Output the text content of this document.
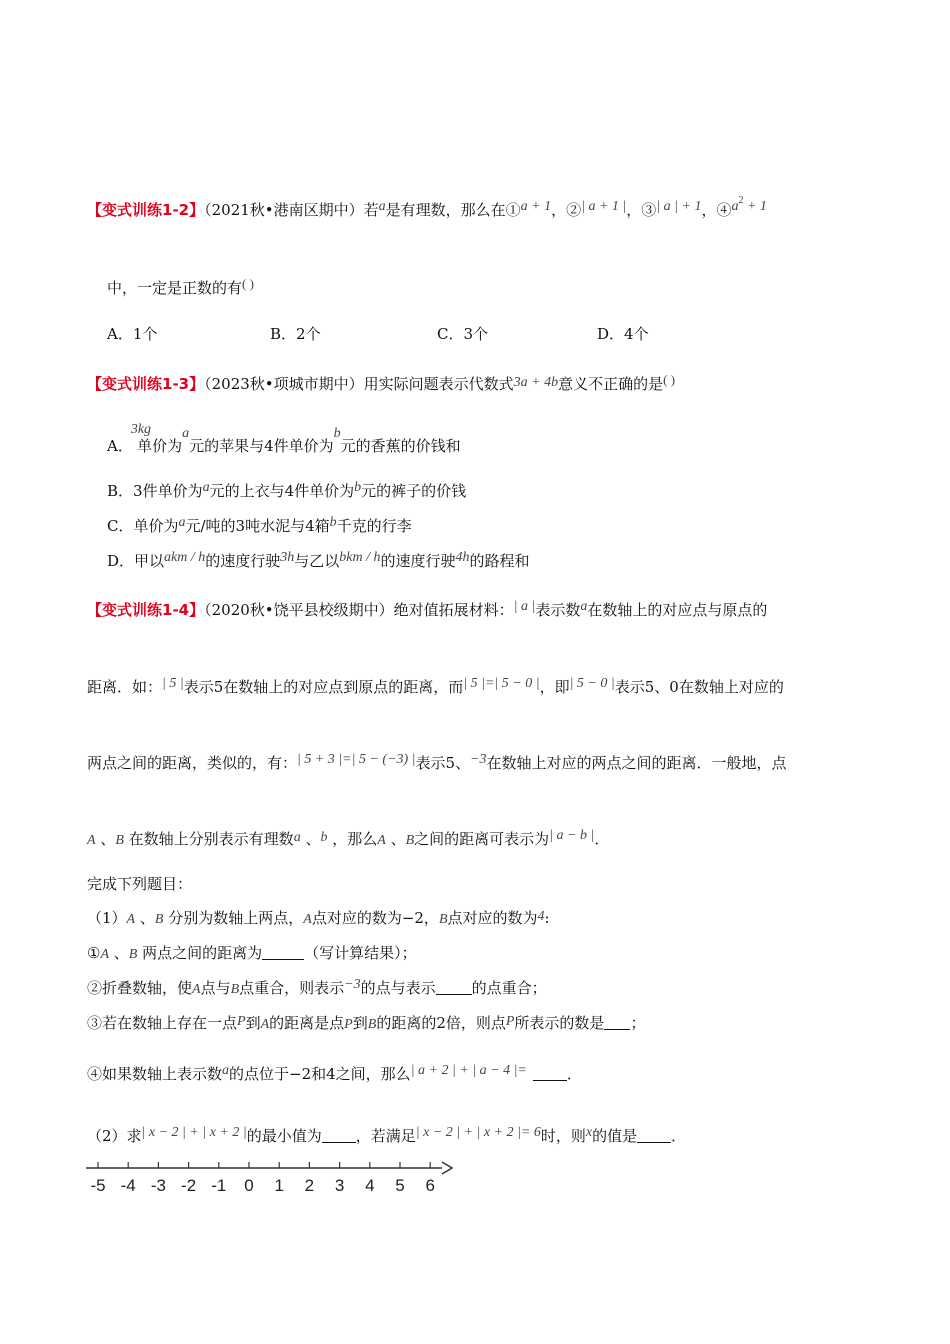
【变式训练1-2】（2021秋•港南区期中）若a是有理数，那么在①a + 1，②| a + 1 |，③| a | + 1，$④a^2 + 1$
中，一定是正数的有( )
A．1个	B．2个	C．3个	D．4个
【变式训练1-3】（2023秋•项城市期中）用实际问题表示代数式3a + 4b意义不正确的是( )
A．3kg单价为a元的苹果与4件单价为b元的香蕉的价钱和
B．3件单价为a元的上衣与4件单价为b元的裤子的价钱
C．单价为a元/吨的3吨水泥与4箱b千克的行李
D．甲以akm / h的速度行驶3h与乙以bkm / h的速度行驶4h的路程和
【变式训练1-4】（2020秋•饶平县校级期中）绝对值拓展材料：| a |表示数a在数轴上的对应点与原点的
距离．如：| 5 |表示5在数轴上的对应点到原点的距离，而| 5 |=| 5 − 0 |，即| 5 − 0 |表示5、0在数轴上对应的
两点之间的距离，类似的，有：| 5 + 3 |=| 5 − (−3) |表示5、−3在数轴上对应的两点之间的距离．一般地，点
A 、B 在数轴上分别表示有理数a 、b ，那么A 、B之间的距离可表示为| a − b |．
完成下列题目：
（1）A 、B 分别为数轴上两点，A点对应的数为−2，B点对应的数为4:
①A 、B 两点之间的距离为	（写计算结果）；
②折叠数轴，使A点与B点重合，则表示−3的点与表示 的点重合；
③若在数轴上存在一点P到A的距离是点P到B的距离的2倍，则点P所表示的数是 ；
④如果数轴上表示数a的点位于−2和4之间，那么| a + 2 | + | a − 4 |=	．
（2）求| x − 2 | + | x + 2 |的最小值为 ，若满足| x − 2 | + | x + 2 |= 6时，则x的值是 ．
-5 -4 -3 -2 -1 0 1 2 3 4 5 6
